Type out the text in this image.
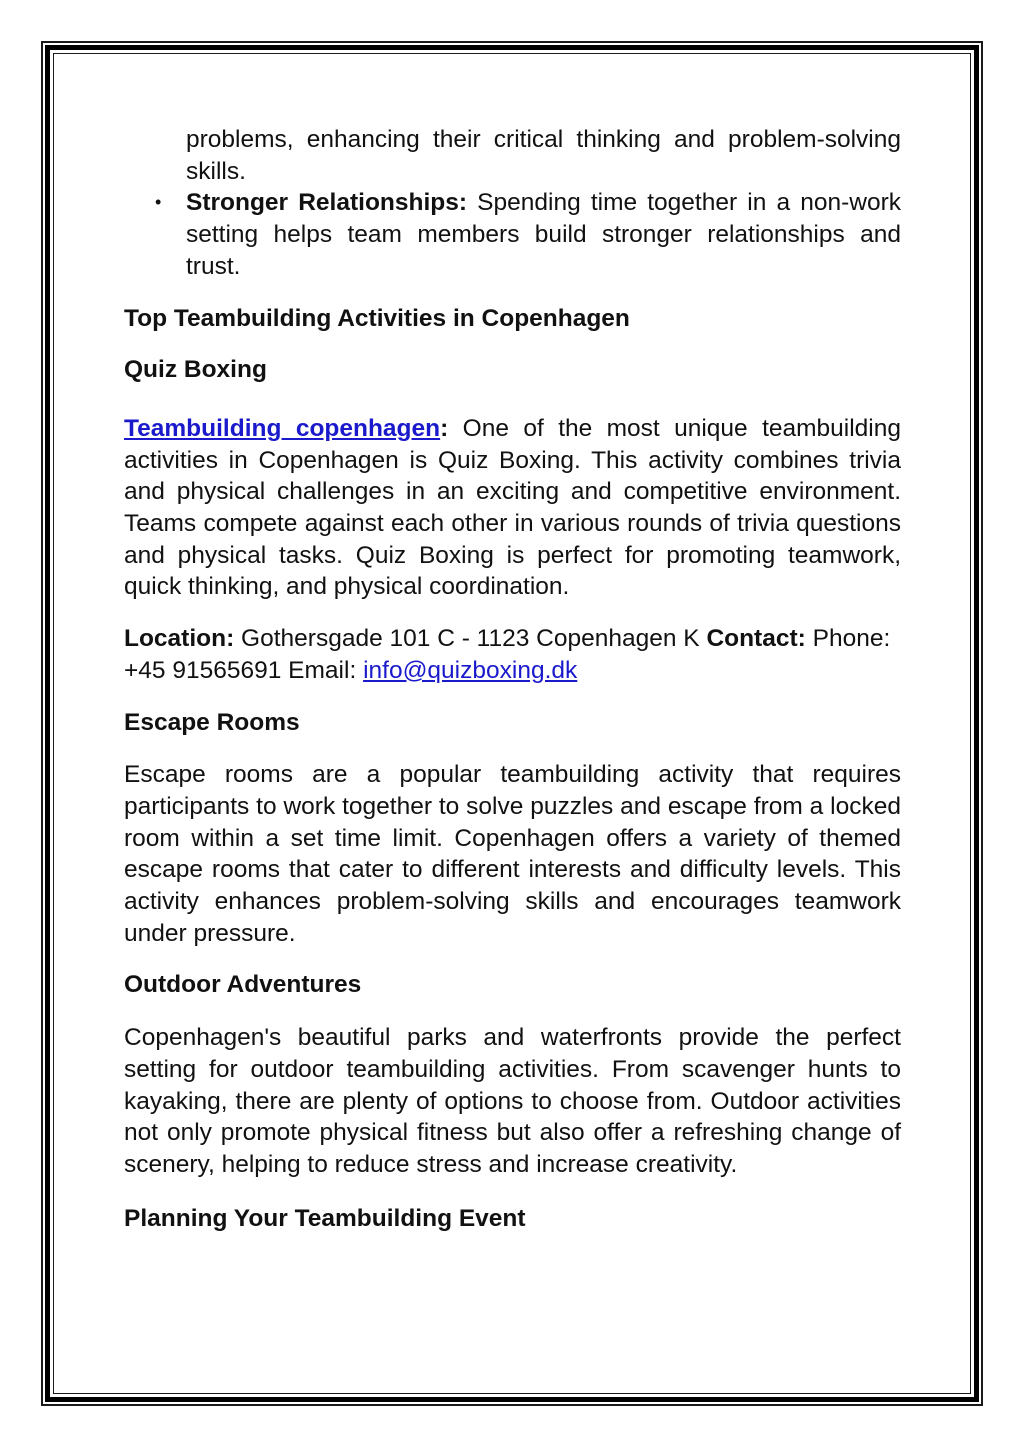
problems, enhancing their critical thinking and problem-solving skills.

• Stronger Relationships: Spending time together in a non-work setting helps team members build stronger relationships and trust.
Top Teambuilding Activities in Copenhagen
Quiz Boxing

Teambuilding copenhagen: One of the most unique teambuilding activities in Copenhagen is Quiz Boxing. This activity combines trivia and physical challenges in an exciting and competitive environment. Teams compete against each other in various rounds of trivia questions and physical tasks. Quiz Boxing is perfect for promoting teamwork, quick thinking, and physical coordination.

Location: Gothersgade 101 C - 1123 Copenhagen K Contact: Phone: +45 91565691 Email: info@quizboxing.dk

Escape Rooms

Escape rooms are a popular teambuilding activity that requires participants to work together to solve puzzles and escape from a locked room within a set time limit. Copenhagen offers a variety of themed escape rooms that cater to different interests and difficulty levels. This activity enhances problem-solving skills and encourages teamwork under pressure.

Outdoor Adventures

Copenhagen's beautiful parks and waterfronts provide the perfect setting for outdoor teambuilding activities. From scavenger hunts to kayaking, there are plenty of options to choose from. Outdoor activities not only promote physical fitness but also offer a refreshing change of scenery, helping to reduce stress and increase creativity.

Planning Your Teambuilding Event
